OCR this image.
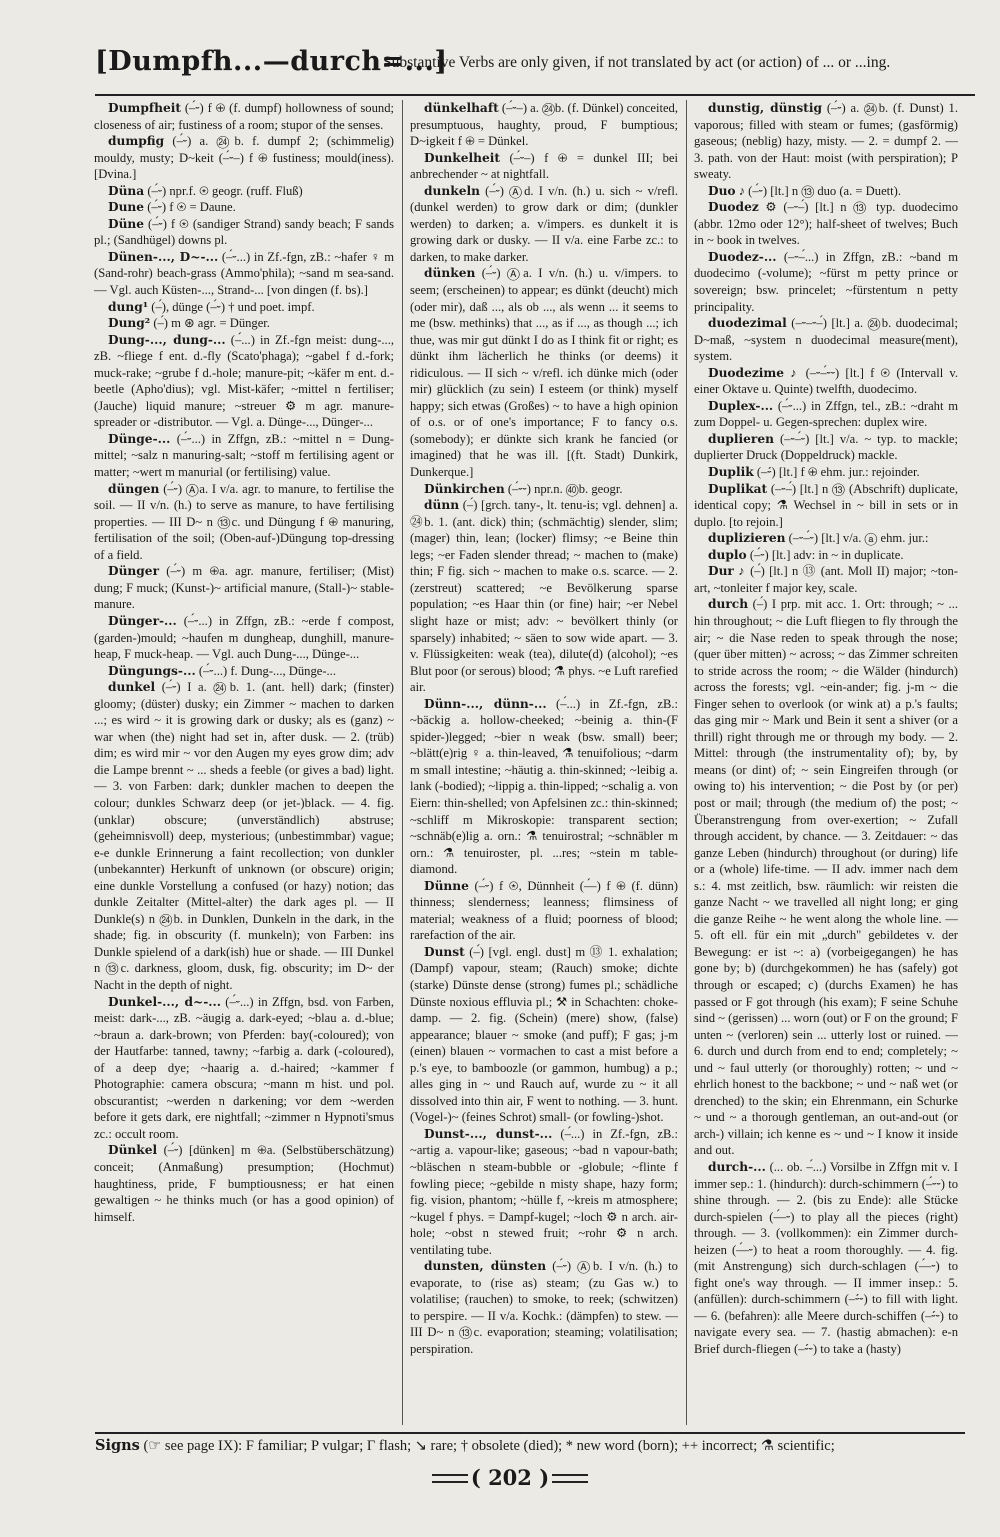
[Dumpfh...—durch=...]
Substantive Verbs are only given, if not translated by act (or action) of ... or ...ing.

Dumpfheit (–́⏑) f ⊕ (f. dumpf) hollowness of sound; closeness of air; fustiness of a room; stupor of the senses.

dumpfig (–́⏑) a. ㉔b. f. dumpf 2; (schimmelig) mouldy, musty; D~keit (–́⏑–) f ⊕ fustiness; mould(iness). [Dvina.]

Düna (–́⏑) npr.f. ⊛ geogr. (ruff. Fluß)

Dune (–́⏑) f ⊛ = Daune.

Düne (–́⏑) f ⊛ (sandiger Strand) sandy beach; F sands pl.; (Sandhügel) downs pl.

Dünen-..., D~-... (–́⏑...) in Zf.-fgn, zB.: ~hafer ♀ m (Sand-rohr) beach-grass (Ammo'phila); ~sand m sea-sand. — Vgl. auch Küsten-..., Strand-... [von dingen (f. bs).]

dung¹ (–́), dünge (–́⏑) † und poet. impf.

Dung² (–́) m ⊛ agr. = Dünger.

Dung-..., dung-... (–́...) in Zf.-fgn meist: dung-..., zB. ~fliege f ent. d.-fly (Scato'phaga); ~gabel f d.-fork; muck-rake; ~grube f d.-hole; manure-pit; ~käfer m ent. d.-beetle (Apho'dius); vgl. Mist-käfer; ~mittel n fertiliser; (Jauche) liquid manure; ~streuer ⚙ m agr. manure-spreader or -distributor. — Vgl. a. Dünge-..., Dünger-...

Dünge-... (–́⏑...) in Zffgn, zB.: ~mittel n = Dung-mittel; ~salz n manuring-salt; ~stoff m fertilising agent or matter; ~wert m manurial (or fertilising) value.

düngen (–́⏑) Ⓐa. I v/a. agr. to manure, to fertilise the soil. — II v/n. (h.) to serve as manure, to have fertilising properties. — III D~ n ⑬c. und Düngung f ⊕ manuring, fertilisation of the soil; (Oben-auf-)Düngung top-dressing of a field.

Dünger (–́⏑) m ⊕a. agr. manure, fertiliser; (Mist) dung; F muck; (Kunst-)~ artificial manure, (Stall-)~ stable-manure.

Dünger-... (–́⏑...) in Zffgn, zB.: ~erde f compost, (garden-)mould; ~haufen m dungheap, dunghill, manure-heap, F muck-heap. — Vgl. auch Dung-..., Dünge-...

Düngungs-... (–́⏑...) f. Dung-..., Dünge-...

dunkel (–́⏑) I a. ㉔b. 1. (ant. hell) dark; (finster) gloomy; (düster) dusky; ein Zimmer ~ machen to darken ...; es wird ~ it is growing dark or dusky; als es (ganz) ~ war when (the) night had set in, after dusk. — 2. (trüb) dim; es wird mir ~ vor den Augen my eyes grow dim; adv die Lampe brennt ~ ... sheds a feeble (or gives a bad) light. — 3. von Farben: dark; dunkler machen to deepen the colour; dunkles Schwarz deep (or jet-)black. — 4. fig. (unklar) obscure; (unverständlich) abstruse; (geheimnisvoll) deep, mysterious; (unbestimmbar) vague; e-e dunkle Erinnerung a faint recollection; von dunkler (unbekannter) Herkunft of unknown (or obscure) origin; eine dunkle Vorstellung a confused (or hazy) notion; das dunkle Zeitalter (Mittel-alter) the dark ages pl. — II Dunkle(s) n ㉔b. in Dunklen, Dunkeln in the dark, in the shade; fig. in obscurity (f. munkeln); von Farben: ins Dunkle spielend of a dark(ish) hue or shade. — III Dunkel n ⑬c. darkness, gloom, dusk, fig. obscurity; im D~ der Nacht in the depth of night.

Dunkel-..., d~-... (–́⏑...) in Zffgn, bsd. von Farben, meist: dark-..., zB. ~äugig a. dark-eyed; ~blau a. d.-blue; ~braun a. dark-brown; von Pferden: bay(-coloured); von der Hautfarbe: tanned, tawny; ~farbig a. dark (-coloured), of a deep dye; ~haarig a. d.-haired; ~kammer f Photographie: camera obscura; ~mann m hist. und pol. obscurantist; ~werden n darkening; vor dem ~werden before it gets dark, ere nightfall; ~zimmer n Hypnoti'smus zc.: occult room.

Dünkel (–́⏑) [dünken] m ⊕a. (Selbstüberschätzung) conceit; (Anmaßung) presumption; (Hochmut) haughtiness, pride, F bumptiousness; er hat einen gewaltigen ~ he thinks much (or has a good opinion) of himself.

dünkelhaft (–́⏑–) a. ㉔b. (f. Dünkel) conceited, presumptuous, haughty, proud, F bumptious; D~igkeit f ⊕ = Dünkel.

Dunkelheit (–́⏑–) f ⊕ = dunkel III; bei anbrechender ~ at nightfall.

dunkeln (–́⏑) Ⓐd. I v/n. (h.) u. sich ~ v/refl. (dunkel werden) to grow dark or dim; (dunkler werden) to darken; a. v/impers. es dunkelt it is growing dark or dusky. — II v/a. eine Farbe zc.: to darken, to make darker.

dünken (–́⏑) Ⓐa. I v/n. (h.) u. v/impers. to seem; (erscheinen) to appear; es dünkt (deucht) mich (oder mir), daß ..., als ob ..., als wenn ... it seems to me (bsw. methinks) that ..., as if ..., as though ...; ich thue, was mir gut dünkt I do as I think fit or right; es dünkt ihm lächerlich he thinks (or deems) it ridiculous. — II sich ~ v/refl. ich dünke mich (oder mir) glücklich (zu sein) I esteem (or think) myself happy; sich etwas (Großes) ~ to have a high opinion of o.s. or of one's importance; F to fancy o.s. (somebody); er dünkte sich krank he fancied (or imagined) that he was ill. [(ft. Stadt) Dunkirk, Dunkerque.]

Dünkirchen (–́⏑⏑) npr.n. ㊵b. geogr.

dünn (–́) [grch. tany-, lt. tenu-is; vgl. dehnen] a. ㉔b. 1. (ant. dick) thin; (schmächtig) slender, slim; (mager) thin, lean; (locker) flimsy; ~e Beine thin legs; ~er Faden slender thread; ~ machen to (make) thin; F fig. sich ~ machen to make o.s. scarce. — 2. (zerstreut) scattered; ~e Bevölkerung sparse population; ~es Haar thin (or fine) hair; ~er Nebel slight haze or mist; adv: ~ bevölkert thinly (or sparsely) inhabited; ~ säen to sow wide apart. — 3. v. Flüssigkeiten: weak (tea), dilute(d) (alcohol); ~es Blut poor (or serous) blood; ⚗ phys. ~e Luft rarefied air.

Dünn-..., dünn-... (–́...) in Zf.-fgn, zB.: ~bäckig a. hollow-cheeked; ~beinig a. thin-(F spider-)legged; ~bier n weak (bsw. small) beer; ~blätt(e)rig ♀ a. thin-leaved, ⚗ tenuifolious; ~darm m small intestine; ~häutig a. thin-skinned; ~leibig a. lank (-bodied); ~lippig a. thin-lipped; ~schalig a. von Eiern: thin-shelled; von Apfelsinen zc.: thin-skinned; ~schliff m Mikroskopie: transparent section; ~schnäb(e)lig a. orn.: ⚗ tenuirostral; ~schnäbler m orn.: ⚗ tenuiroster, pl. ...res; ~stein m table-diamond.

Dünne (–́⏑) f ⊛, Dünnheit (–́–) f ⊕ (f. dünn) thinness; slenderness; leanness; flimsiness of material; weakness of a fluid; poorness of blood; rarefaction of the air.

Dunst (–́) [vgl. engl. dust] m ⑬ 1. exhalation; (Dampf) vapour, steam; (Rauch) smoke; dichte (starke) Dünste dense (strong) fumes pl.; schädliche Dünste noxious effluvia pl.; ⚒ in Schachten: choke-damp. — 2. fig. (Schein) (mere) show, (false) appearance; blauer ~ smoke (and puff); F gas; j-m (einen) blauen ~ vormachen to cast a mist before a p.'s eye, to bamboozle (or gammon, humbug) a p.; alles ging in ~ und Rauch auf, wurde zu ~ it all dissolved into thin air, F went to nothing. — 3. hunt. (Vogel-)~ (feines Schrot) small- (or fowling-)shot.

Dunst-..., dunst-... (–́...) in Zf.-fgn, zB.: ~artig a. vapour-like; gaseous; ~bad n vapour-bath; ~bläschen n steam-bubble or -globule; ~flinte f fowling piece; ~gebilde n misty shape, hazy form; fig. vision, phantom; ~hülle f, ~kreis m atmosphere; ~kugel f phys. = Dampf-kugel; ~loch ⚙ n arch. air-hole; ~obst n stewed fruit; ~rohr ⚙ n arch. ventilating tube.

dunsten, dünsten (–́⏑) Ⓐb. I v/n. (h.) to evaporate, to (rise as) steam; (zu Gas w.) to volatilise; (rauchen) to smoke, to reek; (schwitzen) to perspire. — II v/a. Kochk.: (dämpfen) to stew. — III D~ n ⑬c. evaporation; steaming; volatilisation; perspiration.

dunstig, dünstig (–́⏑) a. ㉔b. (f. Dunst) 1. vaporous; filled with steam or fumes; (gasförmig) gaseous; (neblig) hazy, misty. — 2. = dumpf 2. — 3. path. von der Haut: moist (with perspiration); P sweaty.

Duo ♪ (–́⏑) [lt.] n ⑬ duo (a. = Duett).

Duodez ⚙ (–⏑–́) [lt.] n ⑬ typ. duodecimo (abbr. 12mo oder 12°); half-sheet of twelves; Buch in ~ book in twelves.

Duodez-... (–⏑–́...) in Zffgn, zB.: ~band m duodecimo (-volume); ~fürst m petty prince or sovereign; bsw. princelet; ~fürstentum n petty principality.

duodezimal (–⏑–⏑–́) [lt.] a. ㉔b. duodecimal; D~maß, ~system n duodecimal measure(ment), system.

Duodezime ♪ (–⏑–́⏑⏑) [lt.] f ⊛ (Intervall v. einer Oktave u. Quinte) twelfth, duodecimo.

Duplex-... (–́⏑...) in Zffgn, tel., zB.: ~draht m zum Doppel- u. Gegen-sprechen: duplex wire.

duplieren (–⏑–́⏑) [lt.] v/a. ~ typ. to mackle; duplierter Druck (Doppeldruck) mackle.

Duplik (–⏑́) [lt.] f ⊕ ehm. jur.: rejoinder.

Duplikat (–⏑–́) [lt.] n ⑬ (Abschrift) duplicate, identical copy; ⚗ Wechsel in ~ bill in sets or in duplo. [to rejoin.]

duplizieren (–⏑–́⏑) [lt.] v/a. ⓐ ehm. jur.:

duplo (–́⏑) [lt.] adv: in ~ in duplicate.

Dur ♪ (–́) [lt.] n ⑬ (ant. Moll II) major; ~ton-art, ~tonleiter f major key, scale.

durch (–́) I prp. mit acc. 1. Ort: through; ~ ... hin throughout; ~ die Luft fliegen to fly through the air; ~ die Nase reden to speak through the nose; (quer über mitten) ~ across; ~ das Zimmer schreiten to stride across the room; ~ die Wälder (hindurch) across the forests; vgl. ~ein-ander; fig. j-m ~ die Finger sehen to overlook (or wink at) a p.'s faults; das ging mir ~ Mark und Bein it sent a shiver (or a thrill) right through me or through my body. — 2. Mittel: through (the instrumentality of); by, by means (or dint) of; ~ sein Eingreifen through (or owing to) his intervention; ~ die Post by (or per) post or mail; through (the medium of) the post; ~ Überanstrengung from over-exertion; ~ Zufall through accident, by chance. — 3. Zeitdauer: ~ das ganze Leben (hindurch) throughout (or during) life or a (whole) life-time. — II adv. immer nach dem s.: 4. mst zeitlich, bsw. räumlich: wir reisten die ganze Nacht ~ we travelled all night long; er ging die ganze Reihe ~ he went along the whole line. — 5. oft ell. für ein mit „durch" gebildetes v. der Bewegung: er ist ~: a) (vorbeigegangen) he has gone by; b) (durchgekommen) he has (safely) got through or escaped; c) (durchs Examen) he has passed or F got through (his exam); F seine Schuhe sind ~ (gerissen) ... worn (out) or F on the ground; F unten ~ (verloren) sein ... utterly lost or ruined. — 6. durch und durch from end to end; completely; ~ und ~ faul utterly (or thoroughly) rotten; ~ und ~ ehrlich honest to the backbone; ~ und ~ naß wet (or drenched) to the skin; ein Ehrenmann, ein Schurke ~ und ~ a thorough gentleman, an out-and-out (or arch-) villain; ich kenne es ~ und ~ I know it inside and out.

durch-... (... ob. –́...) Vorsilbe in Zffgn mit v. I immer sep.: 1. (hindurch): durch-schimmern (–́⏑⏑) to shine through. — 2. (bis zu Ende): alle Stücke durch-spielen (–́–⏑) to play all the pieces (right) through. — 3. (vollkommen): ein Zimmer durch-heizen (–́–⏑) to heat a room thoroughly. — 4. fig. (mit Anstrengung) sich durch-schlagen (–́–⏑) to fight one's way through. — II immer insep.: 5. (anfüllen): durch-schimmern (–⏑́⏑) to fill with light. — 6. (befahren): alle Meere durch-schiffen (–⏑́⏑) to navigate every sea. — 7. (hastig abmachen): e-n Brief durch-fliegen (–⏑́⏑) to take a (hasty)

Signs (☞ see page IX): F familiar; P vulgar; Γ flash; ↘ rare; † obsolete (died); * new word (born); ++ incorrect; ⚗ scientific;
( 202 )
